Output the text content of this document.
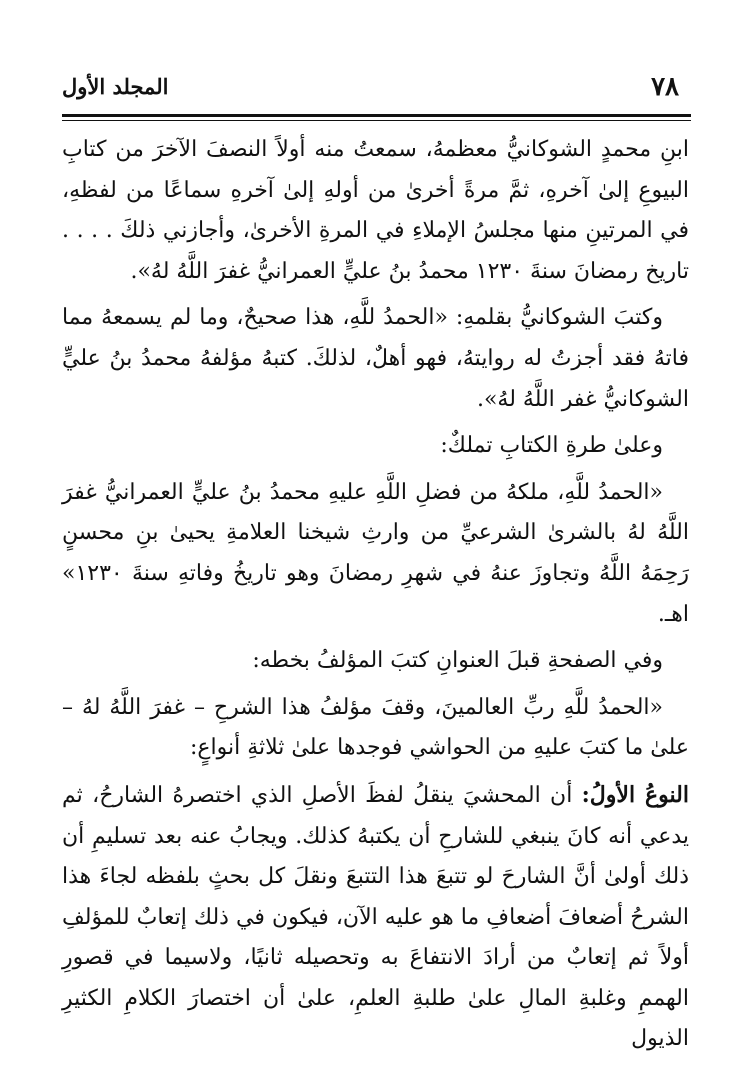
المجلد الأول	٧٨

ابنِ محمدٍ الشوكانيُّ معظمهُ، سمعتُ منه أولاً النصفَ الآخرَ من كتابِ البيوعِ إلىٰ آخرهِ، ثمَّ مرةً أخرىٰ من أولهِ إلىٰ آخرهِ سماعًا من لفظهِ، في المرتينِ منها مجلسُ الإملاءِ في المرةِ الأخرىٰ، وأجازني ذلكَ . . . . تاريخ رمضانَ سنةَ ١٢٣٠ محمدُ بنُ عليٍّ العمرانيُّ غفرَ اللَّهُ لهُ».

وكتبَ الشوكانيُّ بقلمهِ: «الحمدُ للَّهِ، هذا صحيحٌ، وما لم يسمعهُ مما فاتهُ فقد أجزتُ له روايتهُ، فهو أهلٌ، لذلكَ. كتبهُ مؤلفهُ محمدُ بنُ عليٍّ الشوكانيُّ غفر اللَّهُ لهُ».

وعلىٰ طرةِ الكتابِ تملكٌ:

«الحمدُ للَّهِ، ملكهُ من فضلِ اللَّهِ عليهِ محمدُ بنُ عليٍّ العمرانيُّ غفرَ اللَّهُ لهُ بالشرىٰ الشرعيِّ من وارثِ شيخنا العلامةِ يحيىٰ بنِ محسنٍ رَحِمَهُ اللَّهُ وتجاوزَ عنهُ في شهرِ رمضانَ وهو تاريخُ وفاتهِ سنةَ ١٢٣٠» اهـ.

وفي الصفحةِ قبلَ العنوانِ كتبَ المؤلفُ بخطه:

«الحمدُ للَّهِ ربِّ العالمينَ، وقفَ مؤلفُ هذا الشرحِ – غفرَ اللَّهُ لهُ – علىٰ ما كتبَ عليهِ من الحواشي فوجدها علىٰ ثلاثةِ أنواعٍ:

النوعُ الأولُ: أن المحشيَ ينقلُ لفظَ الأصلِ الذي اختصرهُ الشارحُ، ثم يدعي أنه كانَ ينبغي للشارحِ أن يكتبهُ كذلك. ويجابُ عنه بعد تسليمِ أن ذلك أولىٰ أنَّ الشارحَ لو تتبعَ هذا التتبعَ ونقلَ كل بحثٍ بلفظه لجاءَ هذا الشرحُ أضعافَ أضعافِ ما هو عليه الآن، فيكون في ذلك إتعابٌ للمؤلفِ أولاً ثم إتعابٌ من أرادَ الانتفاعَ به وتحصيله ثانيًا، ولاسيما في قصورِ الهممِ وغلبةِ المالِ علىٰ طلبةِ العلمِ، علىٰ أن اختصارَ الكلامِ الكثيرِ الذيول
